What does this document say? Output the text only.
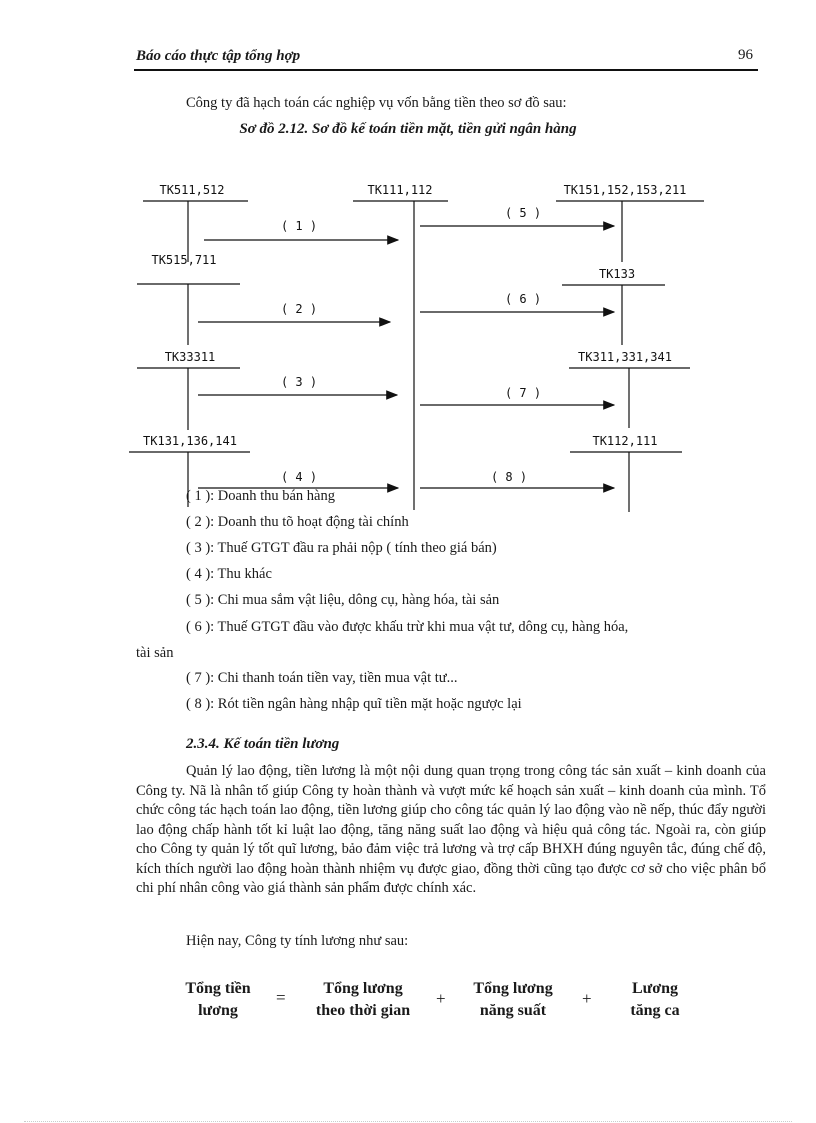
Báo cáo thực tập tổng hợp	96
Công ty đã hạch toán các nghiệp vụ vốn bằng tiền theo sơ đồ sau:
Sơ đồ 2.12. Sơ đồ kế toán tiền mặt, tiền gửi ngân hàng
TK111,112
TK511,512
TK515,711
TK33311
TK131,136,141
TK151,152,153,211
TK133
TK311,331,341
TK112,111
( 1 )
( 2 )
( 3 )
( 4 )
( 5 )
( 6 )
( 7 )
( 8 )
( 1 ): Doanh thu bán hàng
( 2 ): Doanh thu tõ hoạt động tài chính
( 3 ): Thuế GTGT đầu ra phải nộp ( tính theo giá bán)
( 4 ): Thu khác
( 5 ): Chi mua sắm vật liệu, dông cụ, hàng hóa, tài sản
( 6 ): Thuế GTGT đầu vào được khấu trừ khi mua vật tư, dông cụ, hàng hóa,
tài sản
( 7 ): Chi thanh toán tiền vay, tiền mua vật tư...
( 8 ): Rót tiền ngân hàng nhập quĩ tiền mặt hoặc ngược lại
2.3.4. Kế toán tiền lương
Quản lý lao động, tiền lương là một nội dung quan trọng trong công tác sản xuất – kinh doanh của Công ty. Nã là nhân tố giúp Công ty hoàn thành và vượt mức kế hoạch sản xuất – kinh doanh của mình. Tổ chức công tác hạch toán lao động, tiền lương giúp cho công tác quản lý lao động vào nề nếp, thúc đẩy người lao động chấp hành tốt kỉ luật lao động, tăng năng suất lao động và hiệu quả công tác. Ngoài ra, còn giúp cho Công ty quản lý tốt quĩ lương, bảo đảm việc trả lương và trợ cấp BHXH đúng nguyên tắc, đúng chế độ, kích thích người lao động hoàn thành nhiệm vụ được giao, đồng thời cũng tạo được cơ sở cho việc phân bổ chi phí nhân công vào giá thành sản phẩm được chính xác.
Hiện nay, Công ty tính lương như sau:
Tổng tiền
lương
=	Tổng lương
theo thời gian
+
Tổng lương
năng suất
+
Lương
tăng ca
